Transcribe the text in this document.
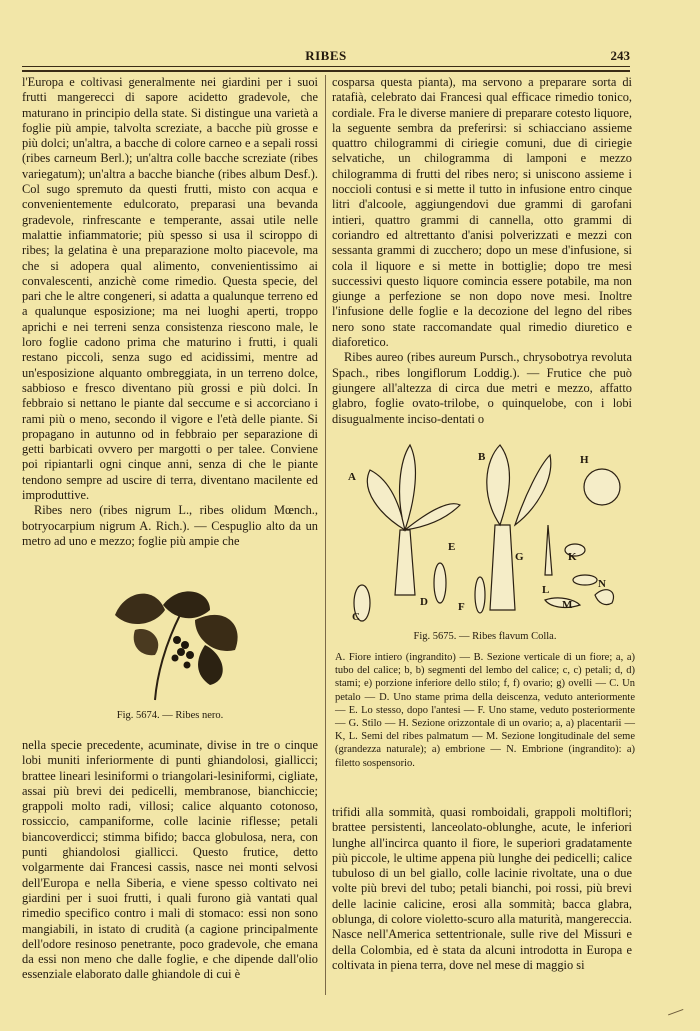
RIBES	243

l'Europa e coltivasi generalmente nei giardini per i suoi frutti mangerecci di sapore acidetto gradevole, che maturano in principio della state. Si distingue una varietà a foglie più ampie, talvolta screziate, a bacche più grosse e più dolci; un'altra, a bacche di colore carneo e a sepali rossi (ribes carneum Berl.); un'altra colle bacche screziate (ribes variegatum); un'altra a bacche bianche (ribes album Desf.). Col sugo spremuto da questi frutti, misto con acqua e convenientemente edulcorato, preparasi una bevanda gradevole, rinfrescante e temperante, assai utile nelle malattie infiammatorie; più spesso si usa il sciroppo di ribes; la gelatina è una preparazione molto piacevole, ma che si adopera qual alimento, convenientissimo ai convalescenti, anzichè come rimedio. Questa specie, del pari che le altre congeneri, si adatta a qualunque terreno ed a qualunque esposizione; ma nei luoghi aperti, troppo aprichi e nei terreni senza consistenza riescono male, le loro foglie cadono prima che maturino i frutti, i quali restano piccoli, senza sugo ed acidissimi, mentre ad un'esposizione alquanto ombreggiata, in un terreno dolce, sabbioso e fresco diventano più grossi e più dolci. In febbraio si nettano le piante dal seccume e si accorciano i rami più o meno, secondo il vigore e l'età delle piante. Si propagano in autunno od in febbraio per separazione di getti barbicati ovvero per margotti o per talee. Conviene poi ripiantarli ogni cinque anni, senza di che le piante tendono sempre ad uscire di terra, diventano macilente ed improduttive.

Ribes nero (ribes nigrum L., ribes olidum Mœnch., botryocarpium nigrum A. Rich.). — Cespuglio alto da un metro ad uno e mezzo; foglie più ampie che

Fig. 5674. — Ribes nero.

nella specie precedente, acuminate, divise in tre o cinque lobi muniti inferiormente di punti ghiandolosi, giallicci; brattee lineari lesiniformi o triangolari-lesiniformi, cigliate, assai più brevi dei pedicelli, membranose, bianchiccie; grappoli molto radi, villosi; calice alquanto cotonoso, rossiccio, campaniforme, colle lacinie riflesse; petali biancoverdicci; stimma bifido; bacca globulosa, nera, con punti ghiandolosi giallicci. Questo frutice, detto volgarmente dai Francesi cassis, nasce nei monti selvosi dell'Europa e nella Siberia, e viene spesso coltivato nei giardini per i suoi frutti, i quali furono già vantati qual rimedio specifico contro i mali di stomaco: essi non sono mangiabili, in istato di crudità (a cagione principalmente dell'odore resinoso penetrante, poco gradevole, che emana da essi non meno che dalle foglie, e che dipende dall'olio essenziale elaborato dalle ghiandole di cui è

cosparsa questa pianta), ma servono a preparare sorta di ratafià, celebrato dai Francesi qual efficace rimedio tonico, cordiale. Fra le diverse maniere di preparare cotesto liquore, la seguente sembra da preferirsi: si schiacciano assieme quattro chilogrammi di ciriegie comuni, due di ciriegie selvatiche, un chilogramma di lamponi e mezzo chilogramma di frutti del ribes nero; si uniscono assieme i noccioli contusi e si mette il tutto in infusione entro cinque litri d'alcoole, aggiungendovi due grammi di garofani intieri, quattro grammi di cannella, otto grammi di coriandro ed altrettanto d'anisi polverizzati e mezzi con sessanta grammi di zucchero; dopo un mese d'infusione, si cola il liquore e si mette in bottiglie; dopo tre mesi successivi questo liquore comincia essere potabile, ma non giunge a perfezione se non dopo nove mesi. Inoltre l'infusione delle foglie e la decozione del legno del ribes nero sono state raccomandate qual rimedio diuretico e diaforetico.

Ribes aureo (ribes aureum Pursch., chrysobotrya revoluta Spach., ribes longiflorum Loddig.). — Frutice che può giungere all'altezza di circa due metri e mezzo, affatto glabro, foglie ovato-trilobe, o quinquelobe, con i lobi disugualmente inciso-dentati o

A
B	H
G
E
C
D	F
K
L
M
N
Fig. 5675. — Ribes flavum Colla.
A. Fiore intiero (ingrandito) — B. Sezione verticale di un fiore; a, a) tubo del calice; b, b) segmenti del lembo del calice; c, c) petali; d, d) stami; e) porzione inferiore dello stilo; f, f) ovario; g) ovelli — C. Un petalo — D. Uno stame prima della deiscenza, veduto anteriormente — E. Lo stesso, dopo l'antesi — F. Uno stame, veduto posteriormente — G. Stilo — H. Sezione orizzontale di un ovario; a, a) placentarii — K, L. Semi del ribes palmatum — M. Sezione longitudinale del seme (grandezza naturale); a) embrione — N. Embrione (ingrandito): a) filetto sospensorio.

trifidi alla sommità, quasi romboidali, grappoli moltiflori; brattee persistenti, lanceolato-oblunghe, acute, le inferiori lunghe all'incirca quanto il fiore, le superiori gradatamente più piccole, le ultime appena più lunghe dei pedicelli; calice tubuloso di un bel giallo, colle lacinie rivoltate, una o due volte più brevi del tubo; petali bianchi, poi rossi, più brevi delle lacinie calicine, erosi alla sommità; bacca glabra, oblunga, di colore violetto-scuro alla maturità, mangereccia. Nasce nell'America settentrionale, sulle rive del Missuri e della Colombia, ed è stata da alcuni introdotta in Europa e coltivata in piena terra, dove nel mese di maggio si
